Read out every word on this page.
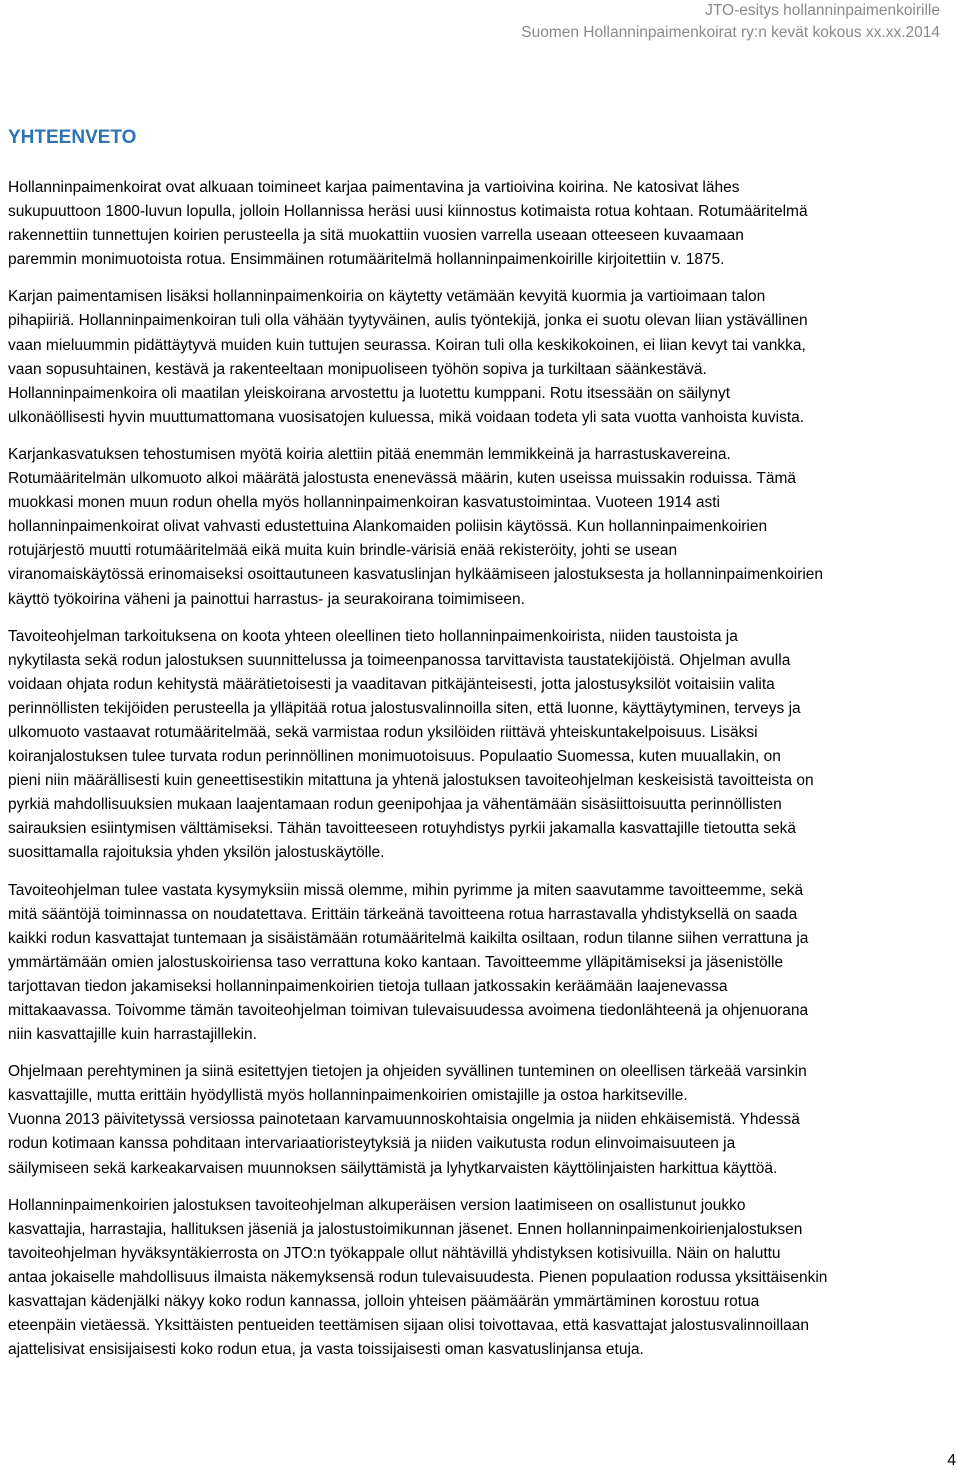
JTO-esitys hollanninpaimenkoirille
Suomen Hollanninpaimenkoirat ry:n kevät kokous xx.xx.2014
YHTEENVETO

Hollanninpaimenkoirat ovat alkuaan toimineet karjaa paimentavina ja vartioivina koirina. Ne katosivat lähes
sukupuuttoon 1800-luvun lopulla, jolloin Hollannissa heräsi uusi kiinnostus kotimaista rotua kohtaan. Rotumääritelmä
rakennettiin tunnettujen koirien perusteella ja sitä muokattiin vuosien varrella useaan otteeseen kuvaamaan
paremmin monimuotoista rotua. Ensimmäinen rotumääritelmä hollanninpaimenkoirille kirjoitettiin v. 1875.

Karjan paimentamisen lisäksi hollanninpaimenkoiria on käytetty vetämään kevyitä kuormia ja vartioimaan talon
pihapiiriä. Hollanninpaimenkoiran tuli olla vähään tyytyväinen, aulis työntekijä, jonka ei suotu olevan liian ystävällinen
vaan mieluummin pidättäytyvä muiden kuin tuttujen seurassa. Koiran tuli olla keskikokoinen, ei liian kevyt tai vankka,
vaan sopusuhtainen, kestävä ja rakenteeltaan monipuoliseen työhön sopiva ja turkiltaan säänkestävä.
Hollanninpaimenkoira oli maatilan yleiskoirana arvostettu ja luotettu kumppani. Rotu itsessään on säilynyt
ulkonäöllisesti hyvin muuttumattomana vuosisatojen kuluessa, mikä voidaan todeta yli sata vuotta vanhoista kuvista.

Karjankasvatuksen tehostumisen myötä koiria alettiin pitää enemmän lemmikkeinä ja harrastuskavereina.
Rotumääritelmän ulkomuoto alkoi määrätä jalostusta enenevässä määrin, kuten useissa muissakin roduissa. Tämä
muokkasi monen muun rodun ohella myös hollanninpaimenkoiran kasvatustoimintaa. Vuoteen 1914 asti
hollanninpaimenkoirat olivat vahvasti edustettuina Alankomaiden poliisin käytössä. Kun hollanninpaimenkoirien
rotujärjestö muutti rotumääritelmää eikä muita kuin brindle-värisiä enää rekisteröity, johti se usean
viranomaiskäytössä erinomaiseksi osoittautuneen kasvatuslinjan hylkäämiseen jalostuksesta ja hollanninpaimenkoirien
käyttö työkoirina väheni ja painottui harrastus- ja seurakoirana toimimiseen.

Tavoiteohjelman tarkoituksena on koota yhteen oleellinen tieto hollanninpaimenkoirista, niiden taustoista ja
nykytilasta sekä rodun jalostuksen suunnittelussa ja toimeenpanossa tarvittavista taustatekijöistä. Ohjelman avulla
voidaan ohjata rodun kehitystä määrätietoisesti ja vaaditavan pitkäjänteisesti, jotta jalostusyksilöt voitaisiin valita
perinnöllisten tekijöiden perusteella ja ylläpitää rotua jalostusvalinnoilla siten, että luonne, käyttäytyminen, terveys ja
ulkomuoto vastaavat rotumääritelmää, sekä varmistaa rodun yksilöiden riittävä yhteiskuntakelpoisuus. Lisäksi
koiranjalostuksen tulee turvata rodun perinnöllinen monimuotoisuus. Populaatio Suomessa, kuten muuallakin, on
pieni niin määrällisesti kuin geneettisestikin mitattuna ja yhtenä jalostuksen tavoiteohjelman keskeisistä tavoitteista on
pyrkiä mahdollisuuksien mukaan laajentamaan rodun geenipohjaa ja vähentämään sisäsiittoisuutta perinnöllisten
sairauksien esiintymisen välttämiseksi. Tähän tavoitteeseen rotuyhdistys pyrkii jakamalla kasvattajille tietoutta sekä
suosittamalla rajoituksia yhden yksilön jalostuskäytölle.

Tavoiteohjelman tulee vastata kysymyksiin missä olemme, mihin pyrimme ja miten saavutamme tavoitteemme, sekä
mitä sääntöjä toiminnassa on noudatettava. Erittäin tärkeänä tavoitteena rotua harrastavalla yhdistyksellä on saada
kaikki rodun kasvattajat tuntemaan ja sisäistämään rotumääritelmä kaikilta osiltaan, rodun tilanne siihen verrattuna ja
ymmärtämään omien jalostuskoiriensa taso verrattuna koko kantaan. Tavoitteemme ylläpitämiseksi ja jäsenistölle
tarjottavan tiedon jakamiseksi hollanninpaimenkoirien tietoja tullaan jatkossakin keräämään laajenevassa
mittakaavassa. Toivomme tämän tavoiteohjelman toimivan tulevaisuudessa avoimena tiedonlähteenä ja ohjenuorana
niin kasvattajille kuin harrastajillekin.

Ohjelmaan perehtyminen ja siinä esitettyjen tietojen ja ohjeiden syvällinen tunteminen on oleellisen tärkeää varsinkin
kasvattajille, mutta erittäin hyödyllistä myös hollanninpaimenkoirien omistajille ja ostoa harkitseville.

Vuonna 2013 päivitetyssä versiossa painotetaan karvamuunnoskohtaisia ongelmia ja niiden ehkäisemistä. Yhdessä
rodun kotimaan kanssa pohditaan intervariaatioristeytyksiä ja niiden vaikutusta rodun elinvoimaisuuteen ja
säilymiseen sekä karkeakarvaisen muunnoksen säilyttämistä ja lyhytkarvaisten käyttölinjaisten harkittua käyttöä.

Hollanninpaimenkoirien jalostuksen tavoiteohjelman alkuperäisen version laatimiseen on osallistunut joukko
kasvattajia, harrastajia, hallituksen jäseniä ja jalostustoimikunnan jäsenet. Ennen hollanninpaimenkoirienjalostuksen
tavoiteohjelman hyväksyntäkierrosta on JTO:n työkappale ollut nähtävillä yhdistyksen kotisivuilla. Näin on haluttu
antaa jokaiselle mahdollisuus ilmaista näkemyksensä rodun tulevaisuudesta. Pienen populaation rodussa yksittäisenkin
kasvattajan kädenjälki näkyy koko rodun kannassa, jolloin yhteisen päämäärän ymmärtäminen korostuu rotua
eteenpäin vietäessä. Yksittäisten pentueiden teettämisen sijaan olisi toivottavaa, että kasvattajat jalostusvalinnoillaan
ajattelisivat ensisijaisesti koko rodun etua, ja vasta toissijaisesti oman kasvatuslinjansa etuja.

4
